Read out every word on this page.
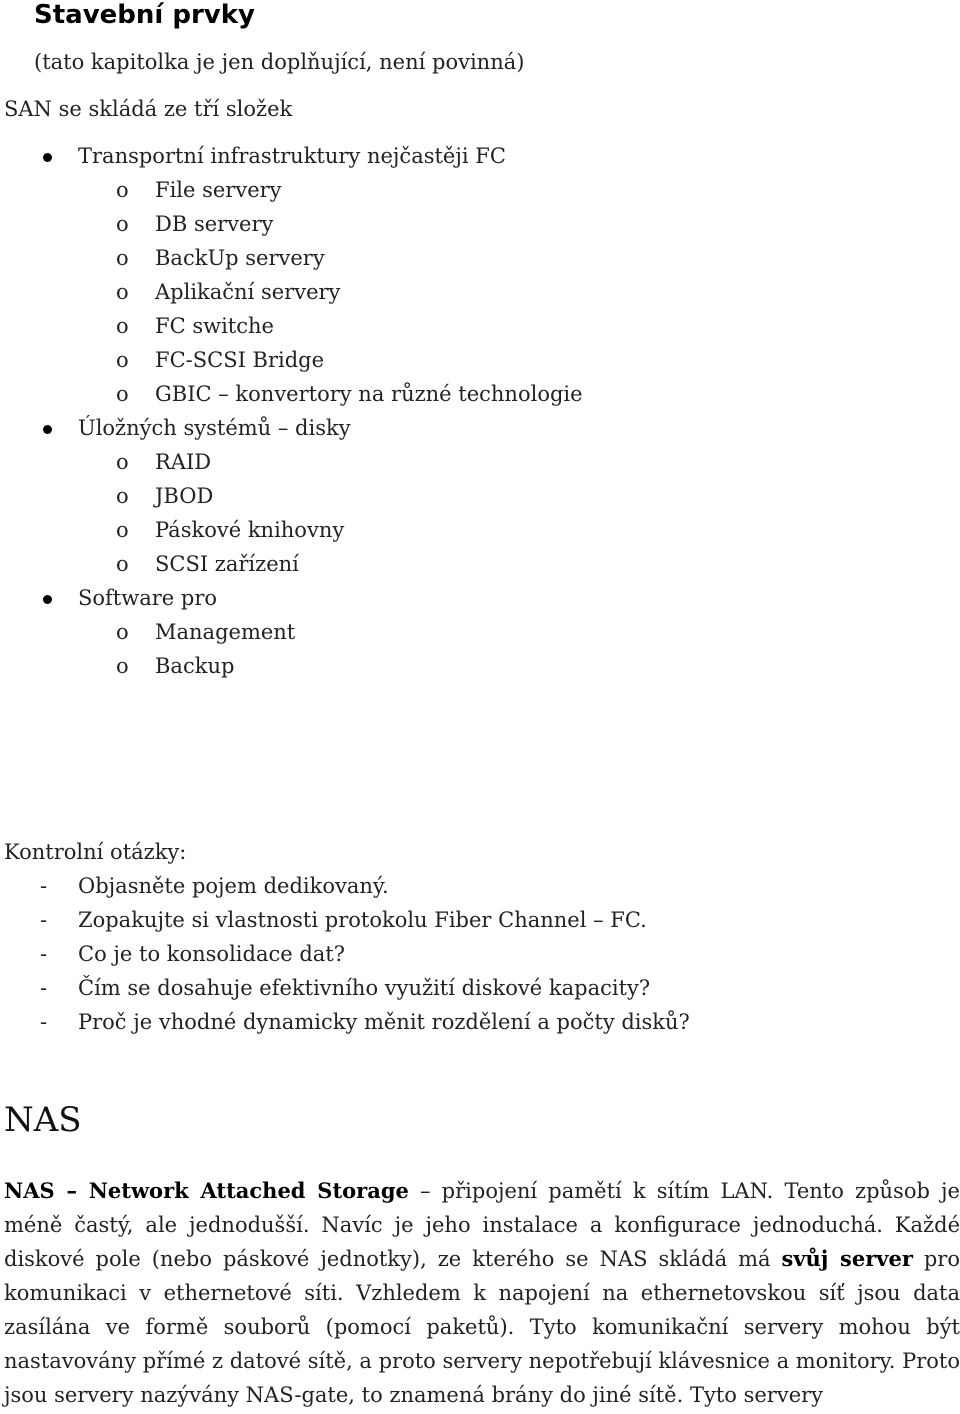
Stavební prvky
(tato kapitolka je jen doplňující, není povinná)
SAN se skládá ze tří složek
Transportní infrastruktury nejčastěji FC
o File servery
o DB servery
o BackUp servery
o Aplikační servery
o FC switche
o FC-SCSI Bridge
o GBIC – konvertory na různé technologie
Úložných systémů – disky
o RAID
o JBOD
o Páskové knihovny
o SCSI zařízení
Software pro
o Management
o Backup
Kontrolní otázky:
- Objasněte pojem dedikovaný.
- Zopakujte si vlastnosti protokolu Fiber Channel – FC.
- Co je to konsolidace dat?
- Čím se dosahuje efektivního využití diskové kapacity?
- Proč je vhodné dynamicky měnit rozdělení a počty disků?
NAS
NAS – Network Attached Storage – připojení pamětí k sítím LAN. Tento způsob je méně častý, ale jednodušší. Navíc je jeho instalace a konfigurace jednoduchá. Každé diskové pole (nebo páskové jednotky), ze kterého se NAS skládá má svůj server pro komunikaci v ethernetové síti. Vzhledem k napojení na ethernetovskou síť jsou data zasílána ve formě souborů (pomocí paketů). Tyto komunikační servery mohou být nastavovány přímé z datové sítě, a proto servery nepotřebují klávesnice a monitory. Proto jsou servery nazývány NAS-gate, to znamená brány do jiné sítě. Tyto servery
